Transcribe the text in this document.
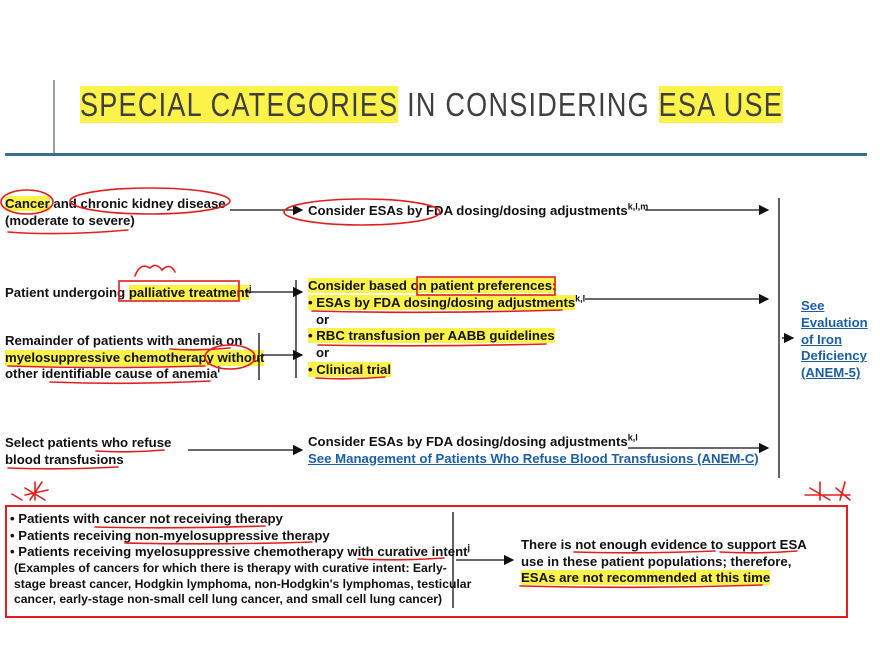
SPECIAL CATEGORIES IN CONSIDERING ESA USE
Cancer and chronic kidney disease
(moderate to severe)
Patient undergoing palliative treatment$^j$
Remainder of patients with anemia on
myelosuppressive chemotherapy without
other identifiable cause of anemia$^i$
Select patients who refuse
blood transfusions
Consider ESAs by FDA dosing/dosing adjustments$^{k,l,m}$
Consider based on patient preferences:
• ESAs by FDA dosing/dosing adjustments$^{k,l}$
or
• RBC transfusion per AABB guidelines
or
• Clinical trial
Consider ESAs by FDA dosing/dosing adjustments$^{k,l}$
See Management of Patients Who Refuse Blood Transfusions (ANEM-C)
See
Evaluation
of Iron
Deficiency
(ANEM-5)
• Patients with cancer not receiving therapy
• Patients receiving non-myelosuppressive therapy
• Patients receiving myelosuppressive chemotherapy with curative intent$^j$
(Examples of cancers for which there is therapy with curative intent: Early-
stage breast cancer, Hodgkin lymphoma, non-Hodgkin's lymphomas, testicular
cancer, early-stage non-small cell lung cancer, and small cell lung cancer)
There is not enough evidence to support ESA
use in these patient populations; therefore,
ESAs are not recommended at this time
